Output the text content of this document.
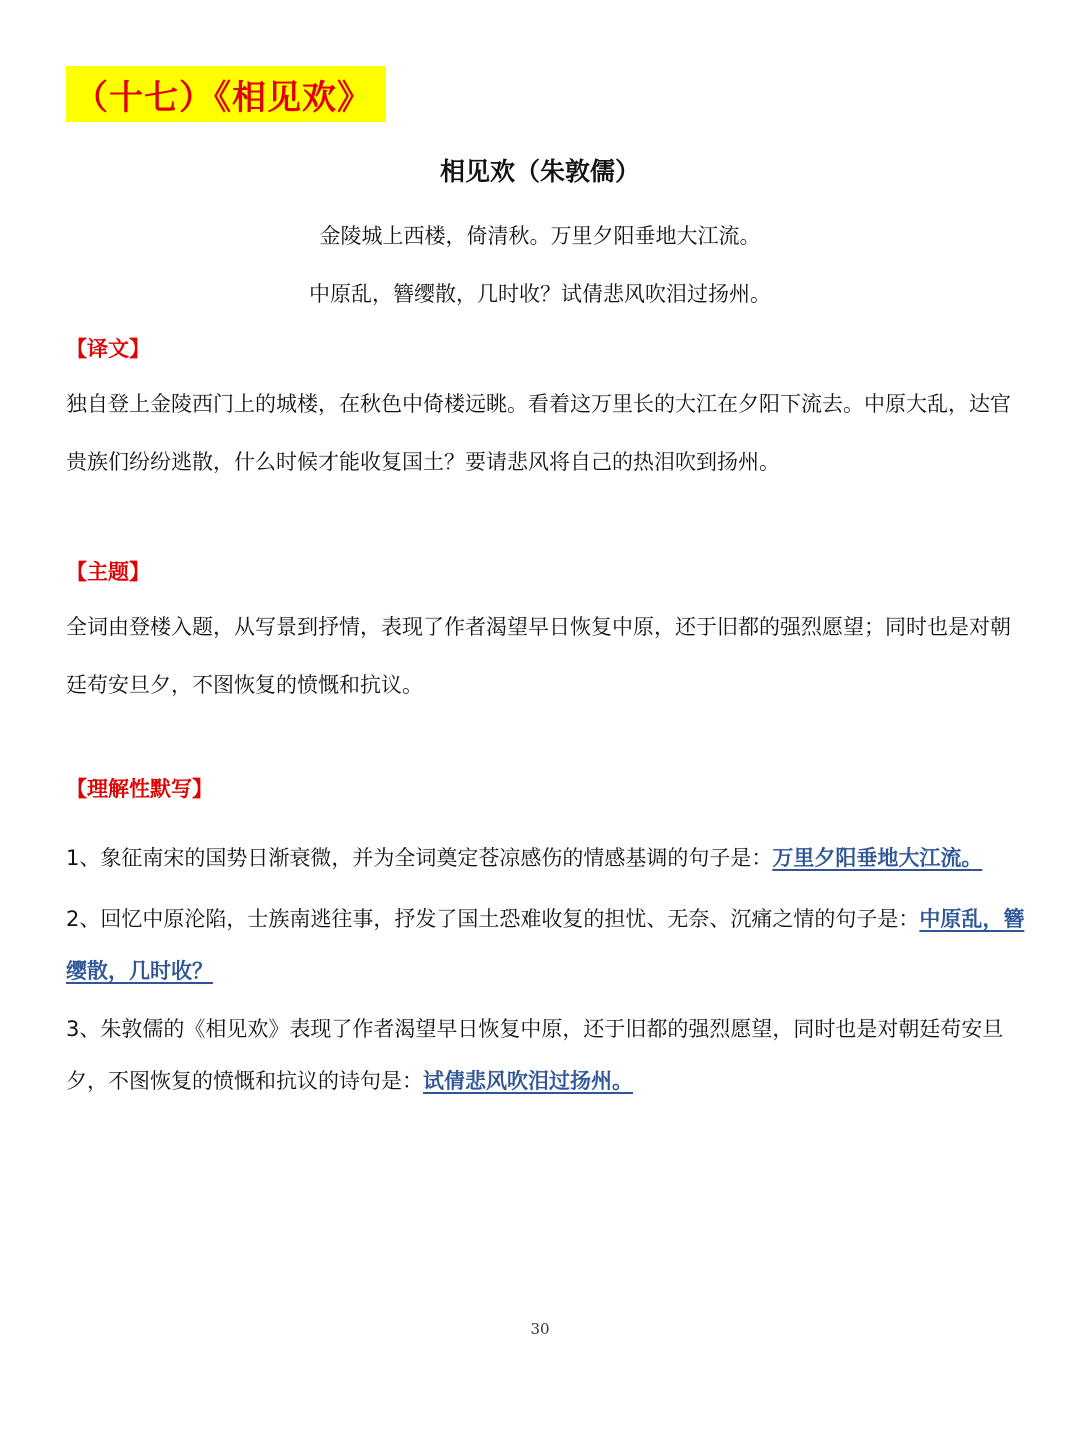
（十七）《相见欢》
相见欢（朱敦儒）
金陵城上西楼，倚清秋。万里夕阳垂地大江流。
中原乱，簪缨散，几时收？试倩悲风吹泪过扬州。
【译文】
独自登上金陵西门上的城楼，在秋色中倚楼远眺。看着这万里长的大江在夕阳下流去。中原大乱，达官贵族们纷纷逃散，什么时候才能收复国土？要请悲风将自己的热泪吹到扬州。
【主题】
全词由登楼入题，从写景到抒情，表现了作者渴望早日恢复中原，还于旧都的强烈愿望；同时也是对朝廷苟安旦夕，不图恢复的愤慨和抗议。
【理解性默写】
1、象征南宋的国势日渐衰微，并为全词奠定苍凉感伤的情感基调的句子是：万里夕阳垂地大江流。
2、回忆中原沦陷，士族南逃往事，抒发了国土恐难收复的担忧、无奈、沉痛之情的句子是：中原乱，簪缨散，几时收？
3、朱敦儒的《相见欢》表现了作者渴望早日恢复中原，还于旧都的强烈愿望，同时也是对朝廷苟安旦夕，不图恢复的愤慨和抗议的诗句是：试倩悲风吹泪过扬州。
30
